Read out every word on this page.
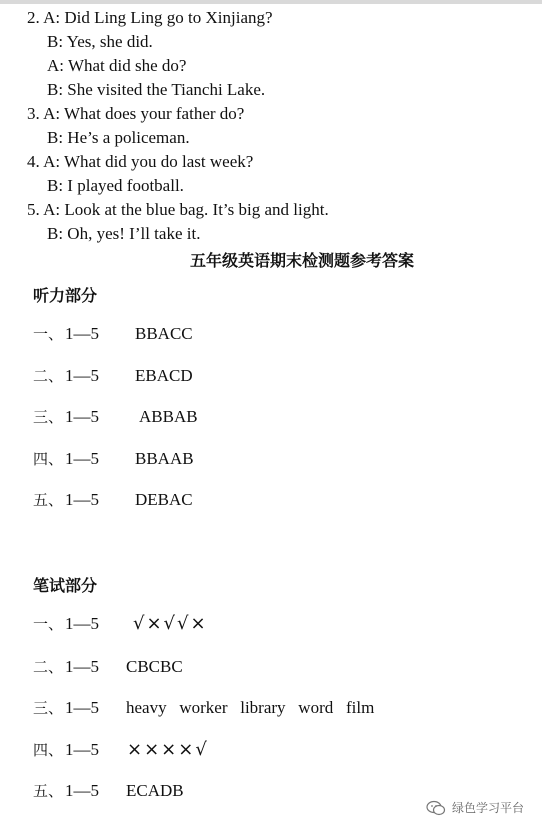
2. A: Did Ling Ling go to Xinjiang?
B: Yes, she did.
A: What did she do?
B: She visited the Tianchi Lake.
3. A: What does your father do?
B: He’s a policeman.
4. A: What did you do last week?
B: I played football.
5. A: Look at the blue bag. It’s big and light.
B: Oh, yes! I’ll take it.
五年级英语期末检测题参考答案
听力部分
一、 1—5 BBACC
二、 1—5 EBACD
三、 1—5 ABBAB
四、 1—5 BBAAB
五、 1—5 DEBAC
笔试部分
一、 1—5 √×√√×
二、 1—5 CBCBC
三、 1—5 heavy   worker   library   word   film
四、 1—5 ××××√
五、 1—5 ECADB
绿色学习平台
